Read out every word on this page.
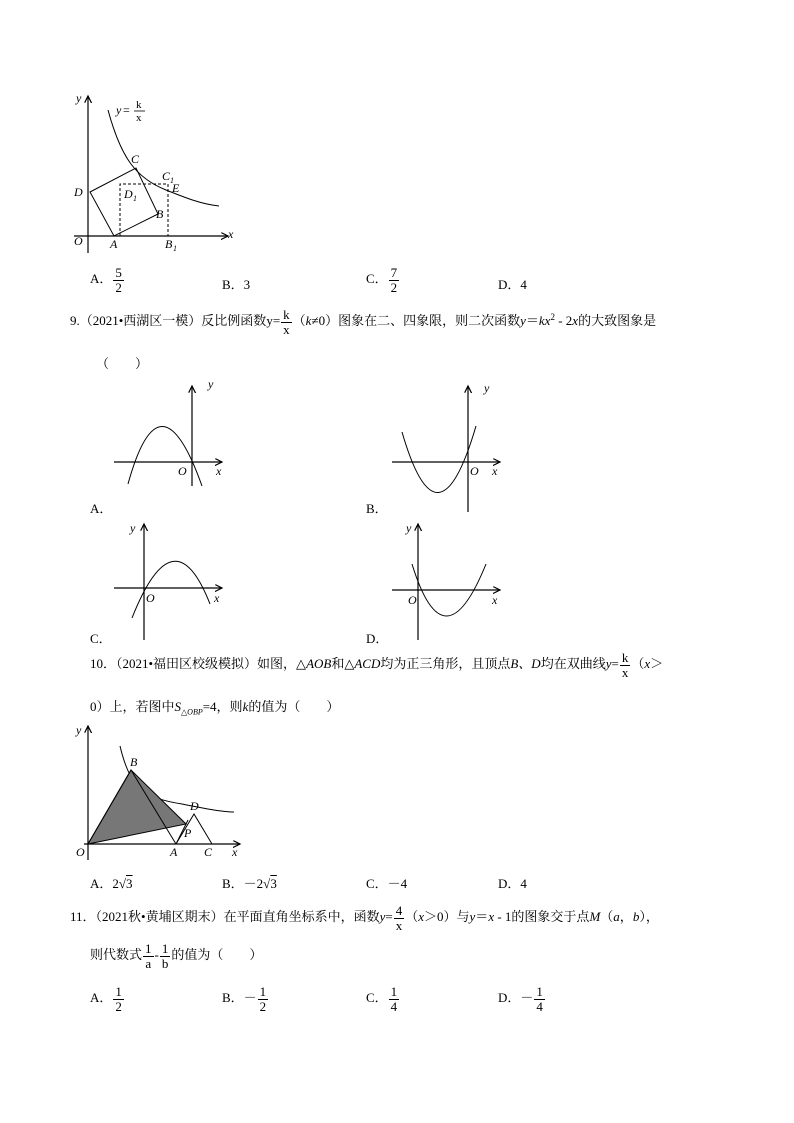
y = k
x
y
x
O
C
C 1
E
D	D 1
B
A	B 1
A． $\frac{5}{2}$	B．3	C． $\frac{7}{2}$	D．4
9.（2021•西湖区一模）反比例函数$y= \frac{k}{x} (k\ne 0)$图象在二、四象限，则二次函数$y=kx^2 - 2x$的大致图象是
（　　）
y
x
O
A．
y
x
O
B．
y
x
O
C．
y
x
O
D．
10．（2021•福田区校级模拟）如图，△AOB和△ACD均为正三角形，且顶点B、D均在双曲线$y= \frac{k}{x} (x>$
0）上，若图中$S_{\triangle OBP}=4$，则k的值为（　　）
y
x
O	A
B
C
D
P
A．2√3	B．－2√3	C．－4	D．4
11．（2021秋•黄埔区期末）在平面直角坐标系中，函数$y= \frac{4}{x} (x>0)$与y＝x - 1的图象交于点M（a，b），
则代数式 $\frac{1}{a} - \frac{1}{b}$ 的值为（　　）
A． $\frac{1}{2}$	B．－ $\frac{1}{2}$	C． $\frac{1}{4}$	D．－ $\frac{1}{4}$
